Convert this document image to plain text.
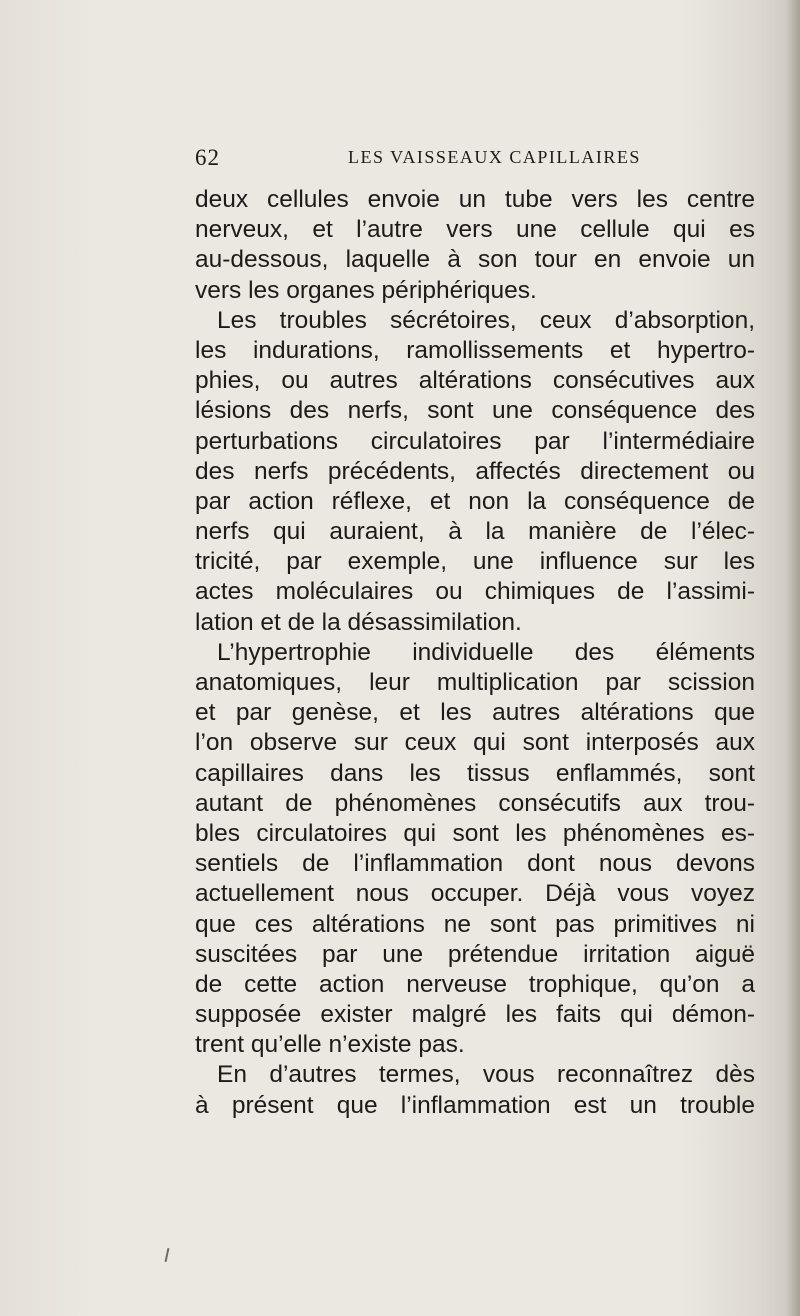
62	LES VAISSEAUX CAPILLAIRES
deux cellules envoie un tube vers les centre
nerveux, et l’autre vers une cellule qui es
au-dessous, laquelle à son tour en envoie un
vers les organes périphériques.
Les troubles sécrétoires, ceux d’absorption,
les indurations, ramollissements et hypertro-
phies, ou autres altérations consécutives aux
lésions des nerfs, sont une conséquence des
perturbations circulatoires par l’intermédiaire
des nerfs précédents, affectés directement ou
par action réflexe, et non la conséquence de
nerfs qui auraient, à la manière de l’élec-
tricité, par exemple, une influence sur les
actes moléculaires ou chimiques de l’assimi-
lation et de la désassimilation.
L’hypertrophie individuelle des éléments
anatomiques, leur multiplication par scission
et par genèse, et les autres altérations que
l’on observe sur ceux qui sont interposés aux
capillaires dans les tissus enflammés, sont
autant de phénomènes consécutifs aux trou-
bles circulatoires qui sont les phénomènes es-
sentiels de l’inflammation dont nous devons
actuellement nous occuper. Déjà vous voyez
que ces altérations ne sont pas primitives ni
suscitées par une prétendue irritation aiguë
de cette action nerveuse trophique, qu’on a
supposée exister malgré les faits qui démon-
trent qu’elle n’existe pas.
En d’autres termes, vous reconnaîtrez dès
à présent que l’inflammation est un trouble
